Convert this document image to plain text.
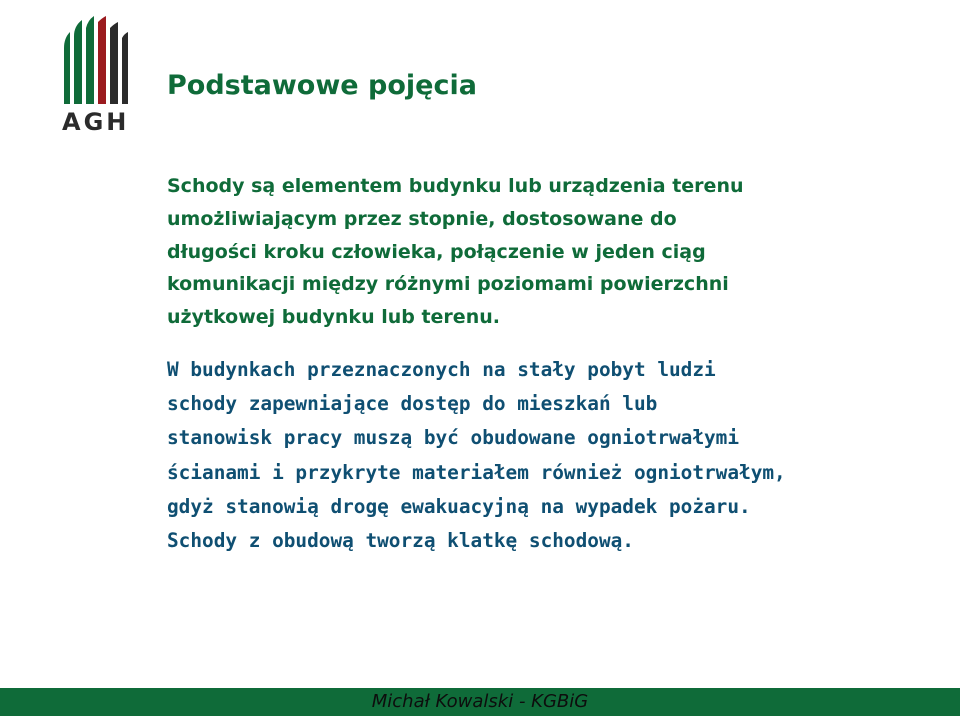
AGH
Podstawowe pojęcia

Schody są elementem budynku lub urządzenia terenu
umożliwiającym przez stopnie, dostosowane do
długości kroku człowieka, połączenie w jeden ciąg
komunikacji między różnymi poziomami powierzchni
użytkowej budynku lub terenu.

W budynkach przeznaczonych na stały pobyt ludzi
schody zapewniające dostęp do mieszkań lub
stanowisk pracy muszą być obudowane ogniotrwałymi
ścianami i przykryte materiałem również ogniotrwałym,
gdyż stanowią drogę ewakuacyjną na wypadek pożaru.
Schody z obudową tworzą klatkę schodową.

Michał Kowalski - KGBiG
